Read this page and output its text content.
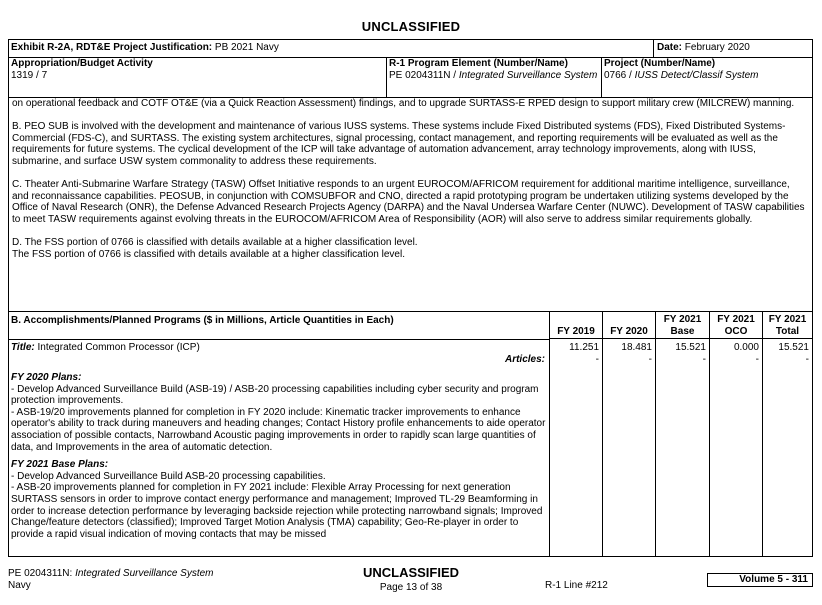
UNCLASSIFIED
Exhibit R-2A, RDT&E Project Justification: PB 2021 Navy	Date: February 2020
Appropriation/Budget Activity
1319 / 7
R-1 Program Element (Number/Name)
PE 0204311N / Integrated Surveillance System
Project (Number/Name)
0766 / IUSS Detect/Classif System

on operational feedback and COTF OT&E (via a Quick Reaction Assessment) findings, and to upgrade SURTASS-E RPED design to support military crew (MILCREW) manning.

B. PEO SUB is involved with the development and maintenance of various IUSS systems. These systems include Fixed Distributed systems (FDS), Fixed Distributed Systems-Commercial (FDS-C), and SURTASS. The existing system architectures, signal processing, contact management, and reporting requirements will be evaluated as well as the requirements for future systems. The cyclical development of the ICP will take advantage of automation advancement, array technology improvements, along with IUSS, submarine, and surface USW system commonality to address these requirements.

C. Theater Anti-Submarine Warfare Strategy (TASW) Offset Initiative responds to an urgent EUROCOM/AFRICOM requirement for additional maritime intelligence, surveillance, and reconnaissance capabilities. PEOSUB, in conjunction with COMSUBFOR and CNO, directed a rapid prototyping program be undertaken utilizing systems developed by the Office of Naval Research (ONR), the Defense Advanced Research Projects Agency (DARPA) and the Naval Undersea Warfare Center (NUWC). Development of TASW capabilities to meet TASW requirements against evolving threats in the EUROCOM/AFRICOM Area of Responsibility (AOR) will also serve to address similar requirements globally.

D. The FSS portion of 0766 is classified with details available at a higher classification level.
The FSS portion of 0766 is classified with details available at a higher classification level.
B. Accomplishments/Planned Programs ($ in Millions, Article Quantities in Each)
FY 2019
11.251
-
FY 2020
18.481
-
FY 2021
Base
15.521
-
FY 2021
OCO
0.000
-
FY 2021
Total
15.521
-
Title: Integrated Common Processor (ICP)
Articles:
FY 2020 Plans:

- Develop Advanced Surveillance Build (ASB-19) / ASB-20 processing capabilities including cyber security and program protection improvements.

- ASB-19/20 improvements planned for completion in FY 2020 include: Kinematic tracker improvements to enhance operator's ability to track during maneuvers and heading changes; Contact History profile enhancements to aide operator association of possible contacts, Narrowband Acoustic paging improvements in order to rapidly scan large quantities of data, and Improvements in the area of automatic detection.

FY 2021 Base Plans:

- Develop Advanced Surveillance Build ASB-20 processing capabilities.

- ASB-20 improvements planned for completion in FY 2021 include: Flexible Array Processing for next generation SURTASS sensors in order to improve contact energy performance and management; Improved TL-29 Beamforming in order to increase detection performance by leveraging backside rejection while protecting narrowband signals; Improved Change/feature detectors (classified); Improved Target Motion Analysis (TMA) capability; Geo-Re-player in order to provide a rapid visual indication of moving contacts that may be missed

PE 0204311N: Integrated Surveillance System
Navy
UNCLASSIFIED
Page 13 of 38	R-1 Line #212
Volume 5 - 311
